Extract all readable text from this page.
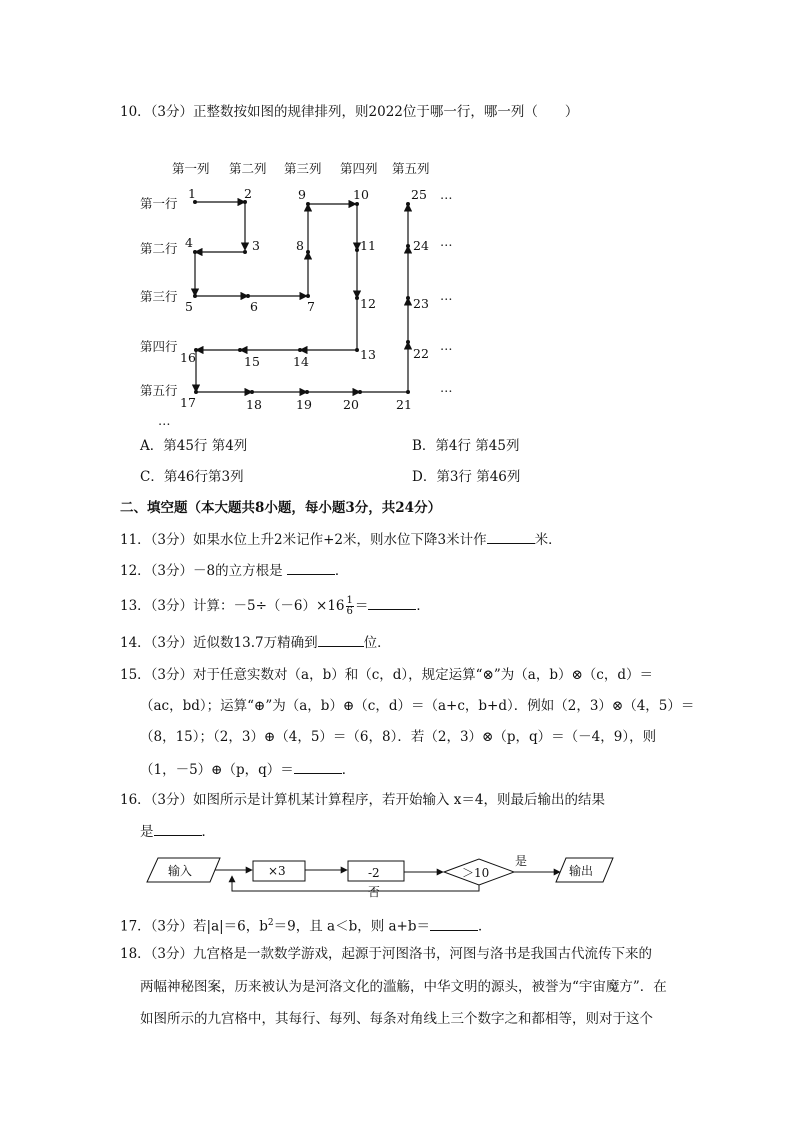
10．（3分）正整数按如图的规律排列，则2022位于哪一行，哪一列（　　）
第一列 第二列 第三列 第四列 第五列
第一行
第二行
第三行
第四行
第五行
1	2
3
4
5	6	7
8
9	10
11
12
13
14
15
16
17	18	19 20	21
22
23
24
25 …
…
…
…
…
…
A．第45行 第4列	B．第4行 第45列
C．第46行第3列	D．第3行 第46列
二、填空题（本大题共8小题，每小题3分，共24分）
11．（3分）如果水位上升2米记作+2米，则水位下降3米计作	米．
12．（3分）－8的立方根是	．
13．（3分）计算：$-5\div(-6)\times 16 \frac{1}{6}$ ＝	．
14．（3分）近似数13.7万精确到	位．
15．（3分）对于任意实数对（a，b）和（c，d），规定运算“⊗”为（a，b）⊗（c，d）＝
（ac，bd）；运算“⊕”为（a，b）⊕（c，d）＝（a+c，b+d）．例如（2，3）⊗（4，5）＝
（8，15）；（2，3）⊕（4，5）＝（6，8）．若（2，3）⊗（p，q）＝（－4，9），则
（1，－5）⊕（p，q）＝	．
16．（3分）如图所示是计算机某计算程序，若开始输入 x＝4，则最后输出的结果
是	．
输入	×3	-2	＞10
是
否
输出
17．（3分）若|a|＝6，$b^2=9$，且 a＜b，则 a+b＝	．
18．（3分）九宫格是一款数学游戏，起源于河图洛书，河图与洛书是我国古代流传下来的
两幅神秘图案，历来被认为是河洛文化的滥觞，中华文明的源头，被誉为“宇宙魔方”．在
如图所示的九宫格中，其每行、每列、每条对角线上三个数字之和都相等，则对于这个
